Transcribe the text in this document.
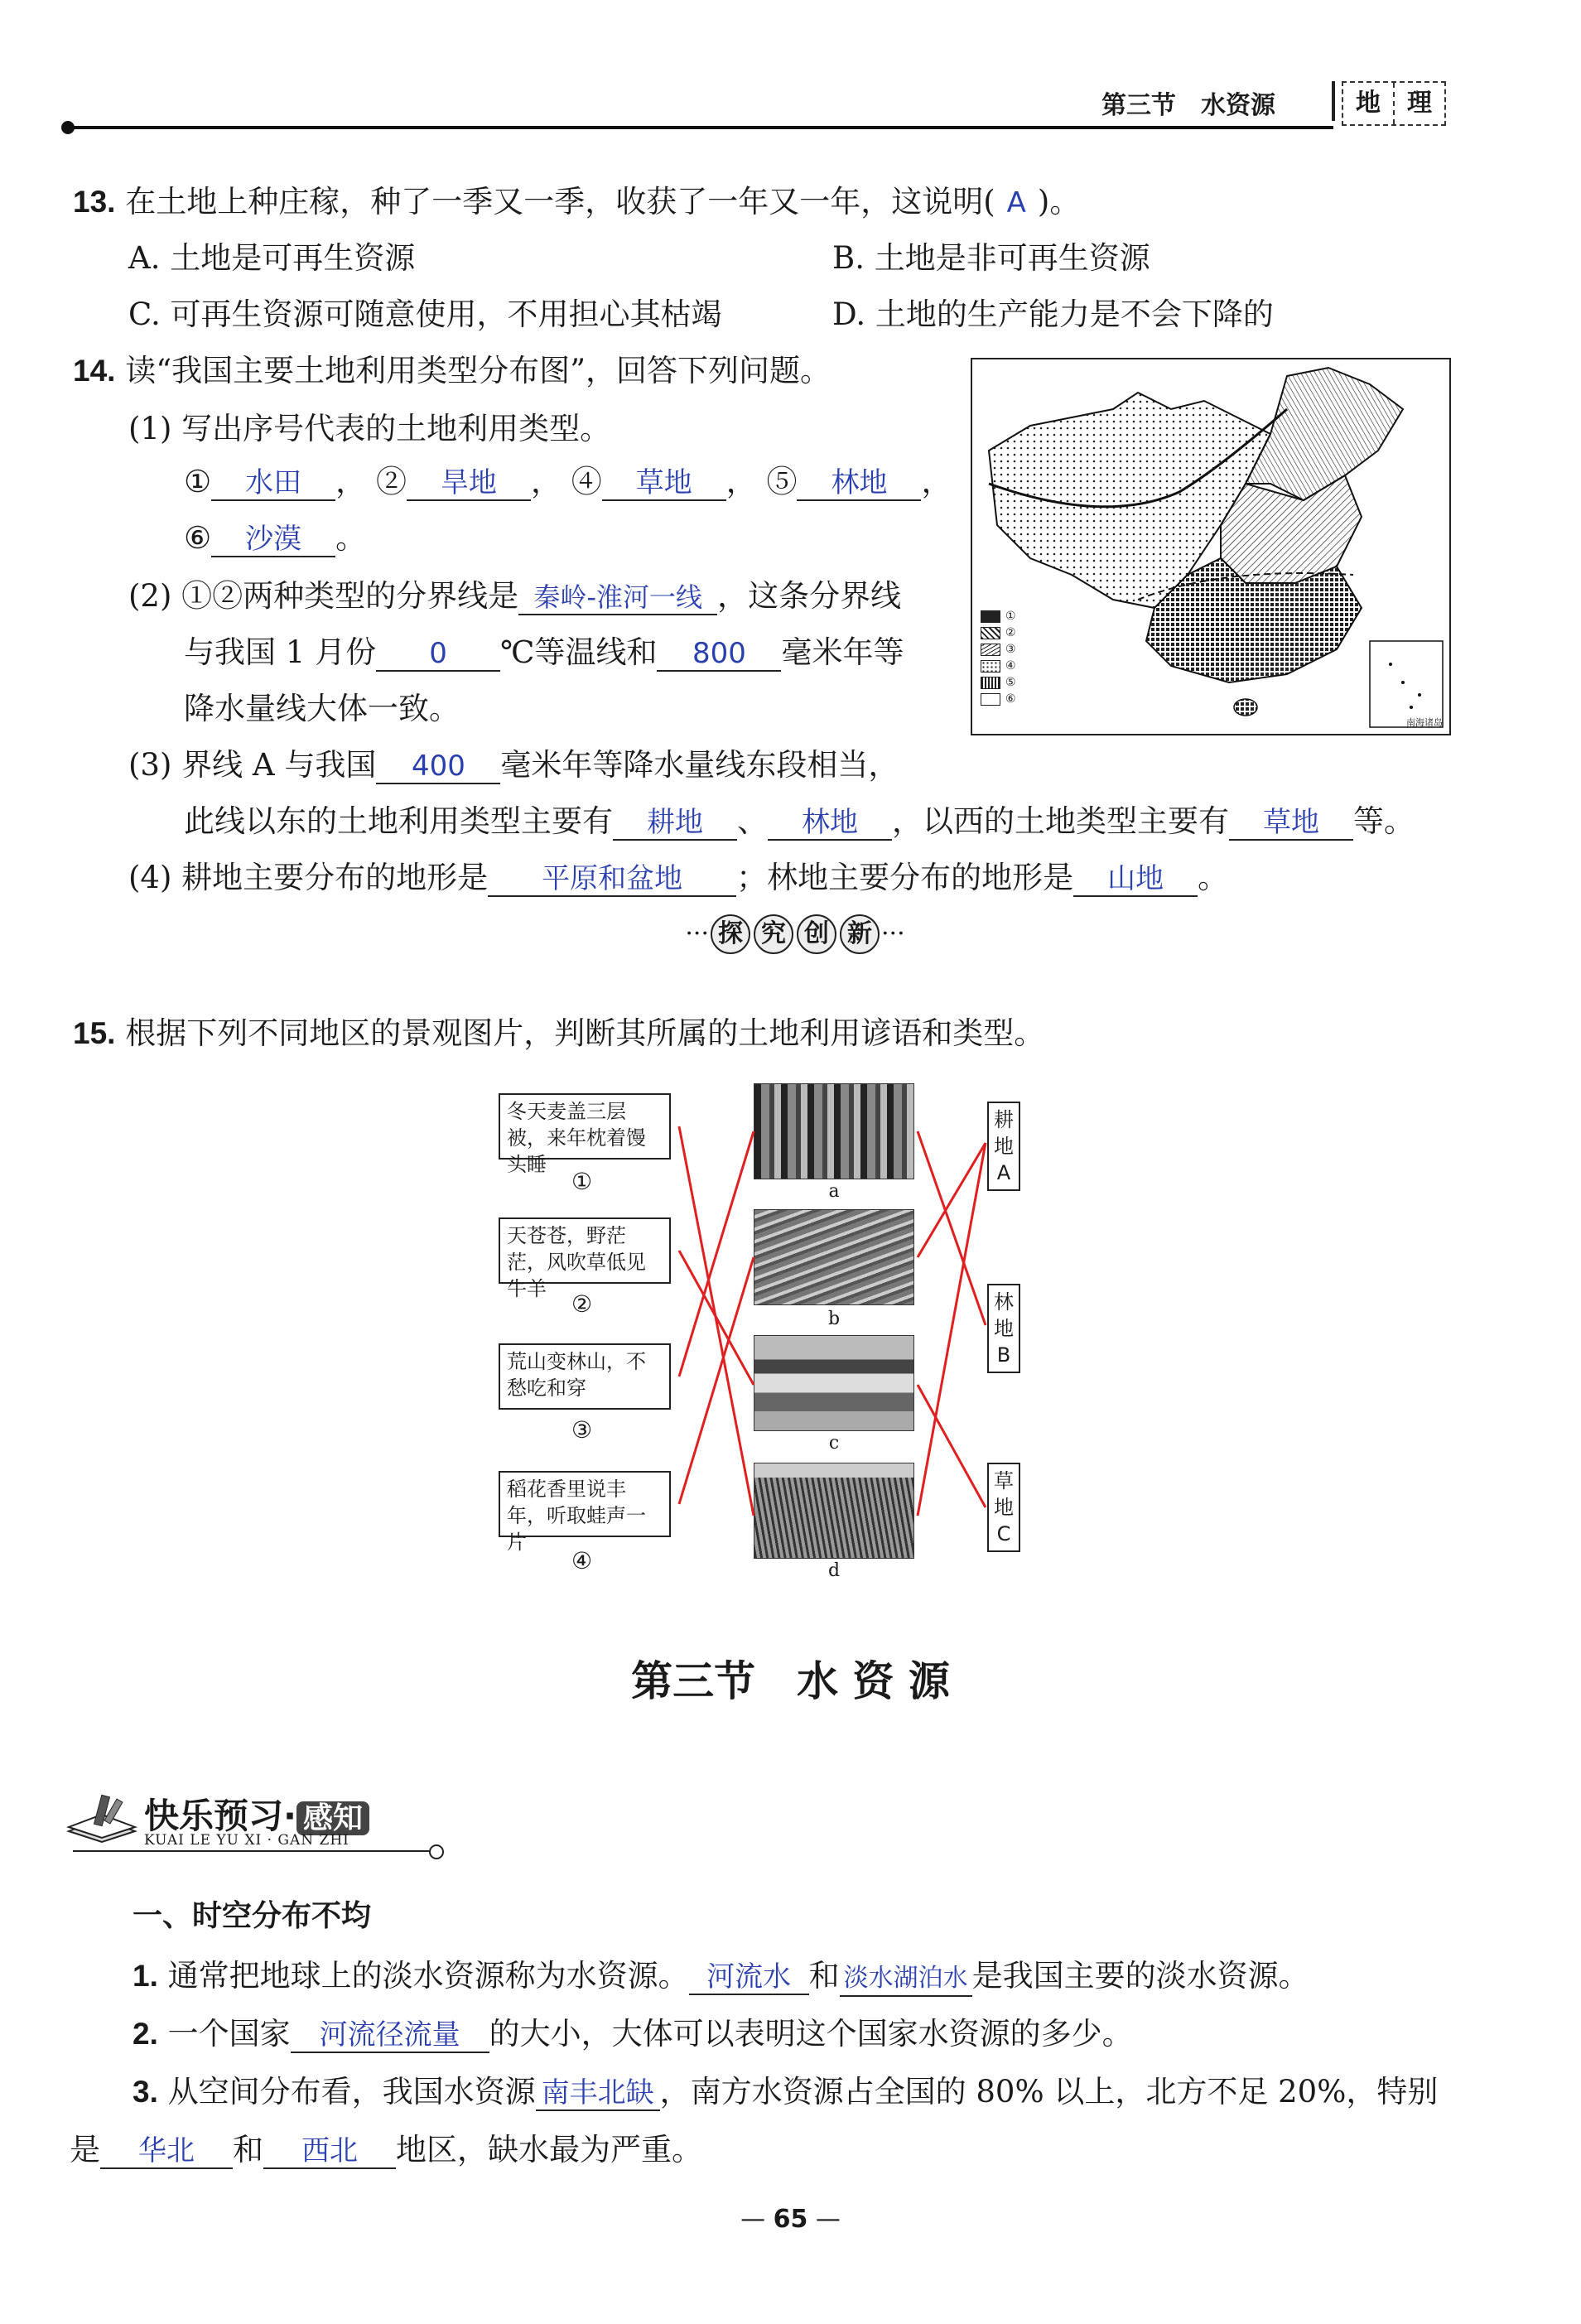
第三节　水资源	地	理
13. 在土地上种庄稼，种了一季又一季，收获了一年又一年，这说明( A )。
A. 土地是可再生资源	B. 土地是非可再生资源
C. 可再生资源可随意使用，不用担心其枯竭	D. 土地的生产能力是不会下降的
14. 读“我国主要土地利用类型分布图”，回答下列问题。
(1) 写出序号代表的土地利用类型。
① 水田 ， ② 旱地 ， ④ 草地 ， ⑤ 林地 ，
⑥ 沙漠 。
(2) ①②两种类型的分界线是 秦岭-淮河一线 ，这条分界线
与我国 1 月份 0 ℃等温线和 800 毫米年等
降水量线大体一致。
①
②
③
④
⑤
⑥
南海诸岛
(3) 界线 A 与我国 400 毫米年等降水量线东段相当，
此线以东的土地利用类型主要有 耕地 、 林地 ，以西的土地类型主要有 草地 等。
(4) 耕地主要分布的地形是 平原和盆地 ；林地主要分布的地形是 山地 。
··· 探 究 创 新 ···
15. 根据下列不同地区的景观图片，判断其所属的土地利用谚语和类型。
冬天麦盖三层被，来年枕着馒头睡
①
天苍苍，野茫茫，风吹草低见牛羊
②
荒山变林山，不愁吃和穿
③
稻花香里说丰年，听取蛙声一片
④
a
b
c
d
耕地A
林地B
草地C
第三节　水 资 源
快乐预习· 感知
KUAI LE YU XI · GAN ZHI
一、时空分布不均
1. 通常把地球上的淡水资源称为水资源。 河流水 和 淡水湖泊水 是我国主要的淡水资源。
2. 一个国家 河流径流量 的大小，大体可以表明这个国家水资源的多少。
3. 从空间分布看，我国水资源 南丰北缺 ，南方水资源占全国的 80% 以上，北方不足 20%，特别
是 华北 和 西北 地区，缺水最为严重。
— 65 —
